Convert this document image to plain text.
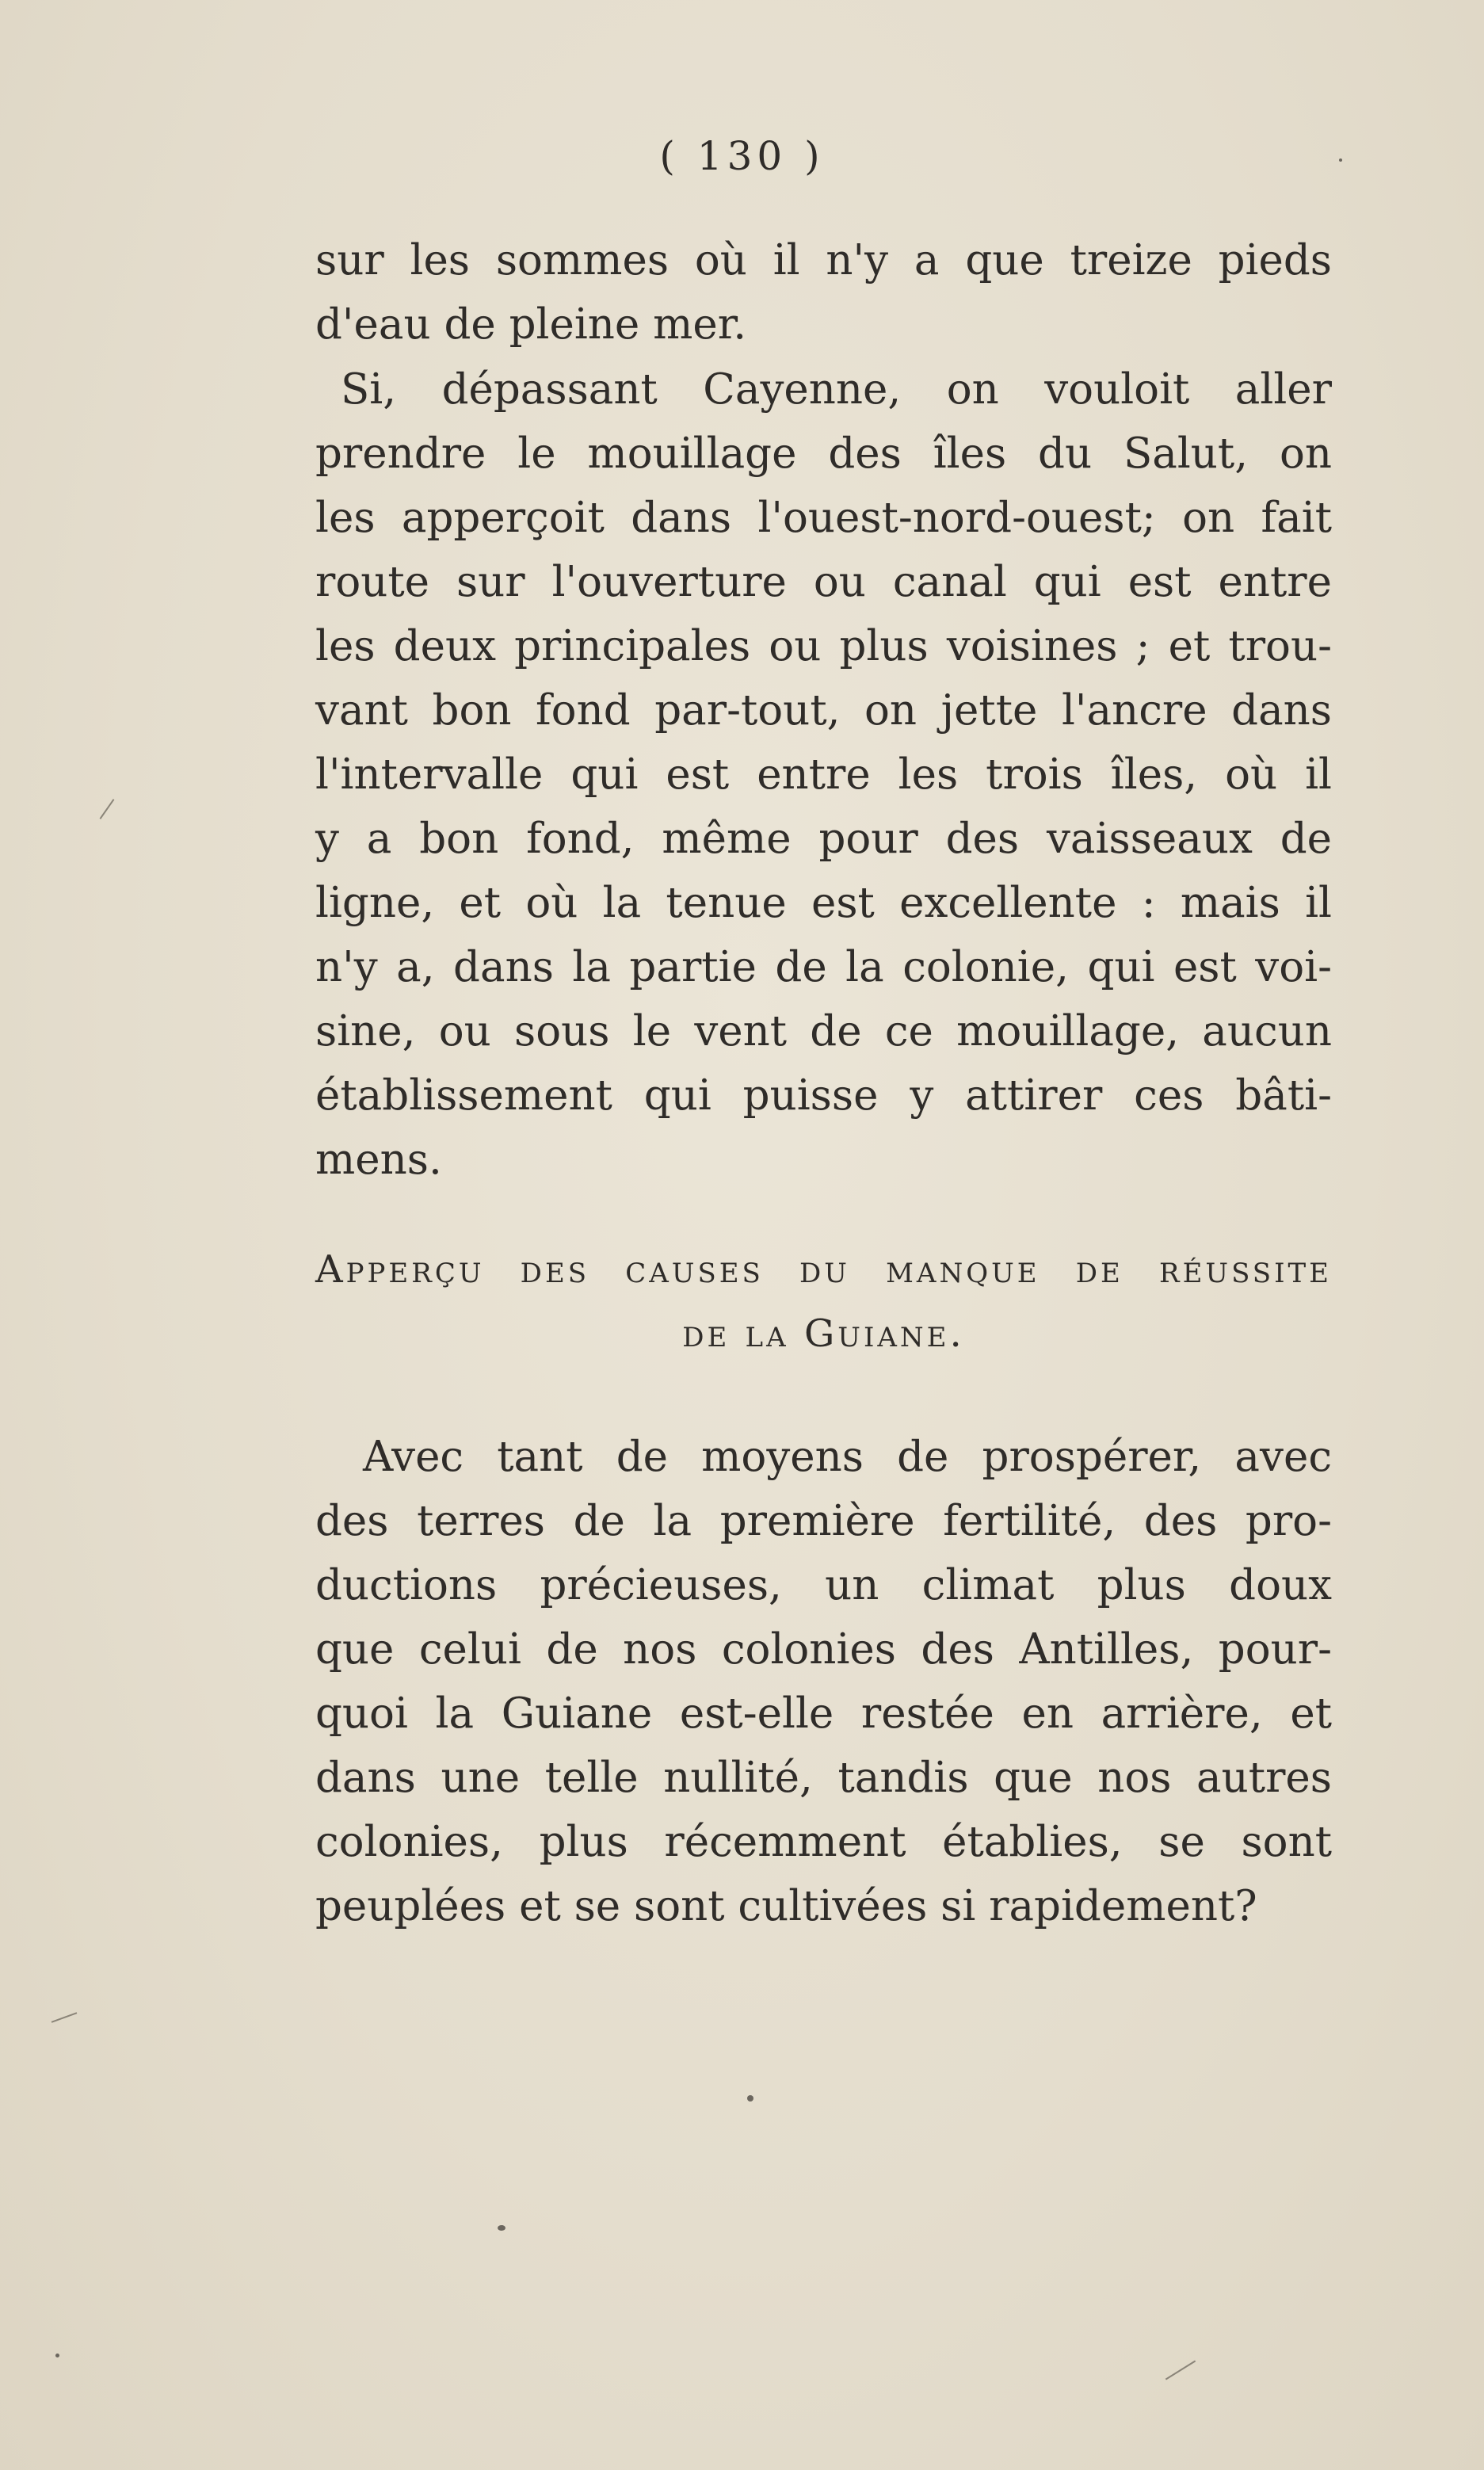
( 130 )
sur les sommes où il n'y a que treize pieds
d'eau de pleine mer.
Si, dépassant Cayenne, on vouloit aller
prendre le mouillage des îles du Salut, on
les apperçoit dans l'ouest-nord-ouest; on fait
route sur l'ouverture ou canal qui est entre
les deux principales ou plus voisines ; et trou-
vant bon fond par-tout, on jette l'ancre dans
l'intervalle qui est entre les trois îles, où il
y a bon fond, même pour des vaisseaux de
ligne, et où la tenue est excellente : mais il
n'y a, dans la partie de la colonie, qui est voi-
sine, ou sous le vent de ce mouillage, aucun
établissement qui puisse y attirer ces bâti-
mens.
Apperçu des causes du manque de réussite
de la Guiane.
Avec tant de moyens de prospérer, avec
des terres de la première fertilité, des pro-
ductions précieuses, un climat plus doux
que celui de nos colonies des Antilles, pour-
quoi la Guiane est-elle restée en arrière, et
dans une telle nullité, tandis que nos autres
colonies, plus récemment établies, se sont
peuplées et se sont cultivées si rapidement?
